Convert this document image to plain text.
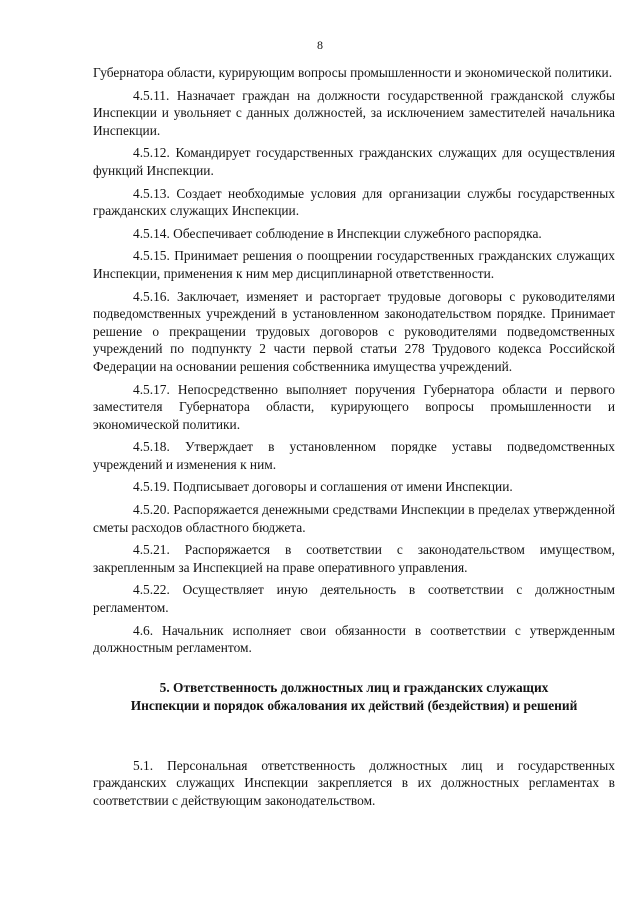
8

Губернатора области, курирующим вопросы промышленности и экономической политики.

4.5.11. Назначает граждан на должности государственной гражданской службы Инспекции и увольняет с данных должностей, за исключением заместителей начальника Инспекции.

4.5.12. Командирует государственных гражданских служащих для осуществления функций Инспекции.

4.5.13. Создает необходимые условия для организации службы государственных гражданских служащих Инспекции.

4.5.14. Обеспечивает соблюдение в Инспекции служебного распорядка.

4.5.15. Принимает решения о поощрении государственных гражданских служащих Инспекции, применения к ним мер дисциплинарной ответственности.

4.5.16. Заключает, изменяет и расторгает трудовые договоры с руководителями подведомственных учреждений в установленном законодательством порядке. Принимает решение о прекращении трудовых договоров с руководителями подведомственных учреждений по подпункту 2 части первой статьи 278 Трудового кодекса Российской Федерации на основании решения собственника имущества учреждений.

4.5.17. Непосредственно выполняет поручения Губернатора области и первого заместителя Губернатора области, курирующего вопросы промышленности и экономической политики.

4.5.18. Утверждает в установленном порядке уставы подведомственных учреждений и изменения к ним.

4.5.19. Подписывает договоры и соглашения от имени Инспекции.

4.5.20. Распоряжается денежными средствами Инспекции в пределах утвержденной сметы расходов областного бюджета.

4.5.21. Распоряжается в соответствии с законодательством имуществом, закрепленным за Инспекцией на праве оперативного управления.

4.5.22. Осуществляет иную деятельность в соответствии с должностным регламентом.

4.6. Начальник исполняет свои обязанности в соответствии с утвержденным должностным регламентом.

5. Ответственность должностных лиц и гражданских служащих
Инспекции и порядок обжалования их действий (бездействия) и решений

5.1. Персональная ответственность должностных лиц и государственных гражданских служащих Инспекции закрепляется в их должностных регламентах в соответствии с действующим законодательством.
